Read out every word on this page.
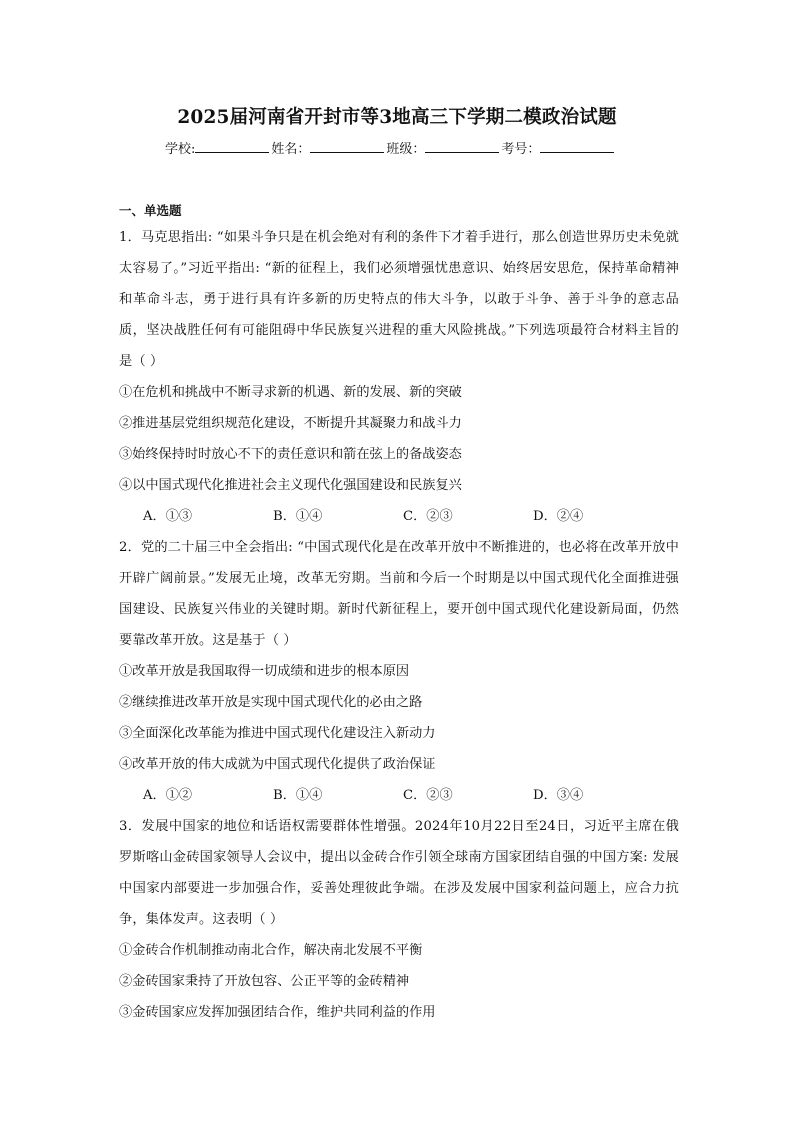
2025届河南省开封市等3地高三下学期二模政治试题
学校:	姓名：	班级：	考号：
一、单选题
1．马克思指出: “如果斗争只是在机会绝对有利的条件下才着手进行，那么创造世界历史未免就太容易了。”习近平指出: “新的征程上，我们必须增强忧患意识、始终居安思危，保持革命精神和革命斗志，勇于进行具有许多新的历史特点的伟大斗争，以敢于斗争、善于斗争的意志品质，坚决战胜任何有可能阻碍中华民族复兴进程的重大风险挑战。”下列选项最符合材料主旨的是（ ）
①在危机和挑战中不断寻求新的机遇、新的发展、新的突破
②推进基层党组织规范化建设，不断提升其凝聚力和战斗力
③始终保持时时放心不下的责任意识和箭在弦上的备战姿态
④以中国式现代化推进社会主义现代化强国建设和民族复兴
A．①③	B．①④	C．②③	D．②④
2．党的二十届三中全会指出: “中国式现代化是在改革开放中不断推进的，也必将在改革开放中开辟广阔前景。”发展无止境，改革无穷期。当前和今后一个时期是以中国式现代化全面推进强国建设、民族复兴伟业的关键时期。新时代新征程上，要开创中国式现代化建设新局面，仍然要靠改革开放。这是基于（ ）
①改革开放是我国取得一切成绩和进步的根本原因
②继续推进改革开放是实现中国式现代化的必由之路
③全面深化改革能为推进中国式现代化建设注入新动力
④改革开放的伟大成就为中国式现代化提供了政治保证
A．①②	B．①④	C．②③	D．③④
3．发展中国家的地位和话语权需要群体性增强。2024年10月22日至24日，习近平主席在俄罗斯喀山金砖国家领导人会议中，提出以金砖合作引领全球南方国家团结自强的中国方案: 发展中国家内部要进一步加强合作，妥善处理彼此争端。在涉及发展中国家利益问题上，应合力抗争，集体发声。这表明（ ）
①金砖合作机制推动南北合作，解决南北发展不平衡
②金砖国家秉持了开放包容、公正平等的金砖精神
③金砖国家应发挥加强团结合作，维护共同利益的作用
